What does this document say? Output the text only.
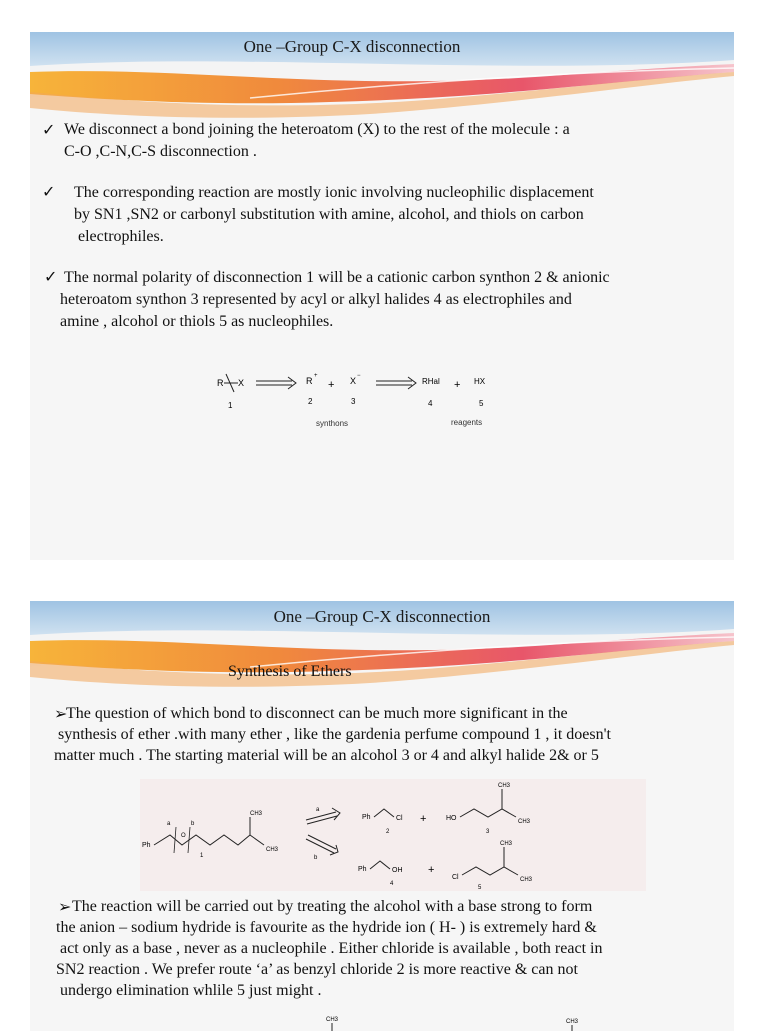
One –Group C-X disconnection
✓ We disconnect a bond joining the heteroatom (X) to the rest of the molecule : a
C-O ,C-N,C-S disconnection .
✓ The corresponding reaction are mostly ionic involving nucleophilic displacement
by SN1 ,SN2 or carbonyl substitution with amine, alcohol, and thiols on carbon
electrophiles.
✓ The normal polarity of disconnection 1 will be a cationic carbon synthon 2 & anionic
heteroatom synthon 3 represented by acyl or alkyl halides 4 as electrophiles and
amine , alcohol or thiols 5 as nucleophiles.
R X
1
R +
2
+ X −
3
RHal
4
+ HX
5
synthons	reagents
One –Group C-X disconnection
Synthesis of Ethers
➢
The question of which bond to disconnect can be much more significant in the
synthesis of ether .with many ether , like the gardenia perfume compound 1 , it doesn't
matter much . The starting material will be an alcohol 3 or 4 and alkyl halide 2& or 5
Ph
O
a	b
1
CH3
CH3
a
b
Ph	Cl
2
+	HO
CH3
CH3
3
Ph	OH
4
+
Cl
CH3
CH3
5
➢ The reaction will be carried out by treating the alcohol with a base strong to form
the anion – sodium hydride is favourite as the hydride ion ( H- ) is extremely hard &
act only as a base , never as a nucleophile . Either chloride is available , both react in
SN2 reaction . We prefer route ‘a’ as benzyl chloride 2 is more reactive & can not
undergo elimination whlile 5 just might .
CH3	CH3
